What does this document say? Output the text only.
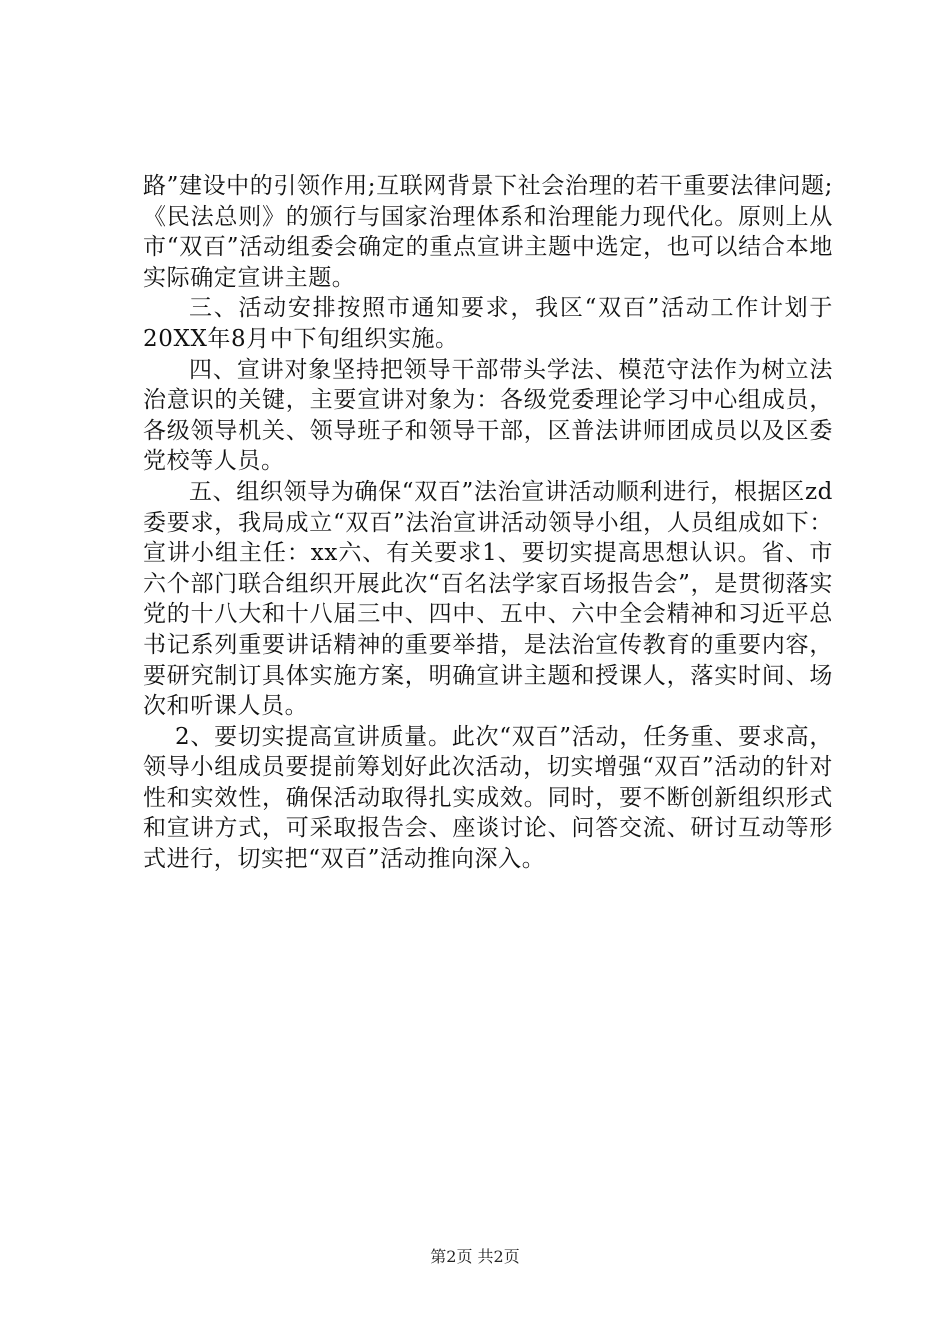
路”建设中的引领作用;互联网背景下社会治理的若干重要法律问题;《民法总则》的颁行与国家治理体系和治理能力现代化。原则上从市“双百”活动组委会确定的重点宣讲主题中选定，也可以结合本地实际确定宣讲主题。

三、活动安排按照市通知要求，我区“双百”活动工作计划于20XX年8月中下旬组织实施。

四、宣讲对象坚持把领导干部带头学法、模范守法作为树立法治意识的关键，主要宣讲对象为：各级党委理论学习中心组成员，各级领导机关、领导班子和领导干部，区普法讲师团成员以及区委党校等人员。

五、组织领导为确保“双百”法治宣讲活动顺利进行，根据区zd委要求，我局成立“双百”法治宣讲活动领导小组，人员组成如下：宣讲小组主任：xx六、有关要求1、要切实提高思想认识。省、市六个部门联合组织开展此次“百名法学家百场报告会”，是贯彻落实党的十八大和十八届三中、四中、五中、六中全会精神和习近平总书记系列重要讲话精神的重要举措，是法治宣传教育的重要内容，要研究制订具体实施方案，明确宣讲主题和授课人，落实时间、场次和听课人员。

2、要切实提高宣讲质量。此次“双百”活动，任务重、要求高，领导小组成员要提前筹划好此次活动，切实增强“双百”活动的针对性和实效性，确保活动取得扎实成效。同时，要不断创新组织形式和宣讲方式，可采取报告会、座谈讨论、问答交流、研讨互动等形式进行，切实把“双百”活动推向深入。

第2页 共2页
